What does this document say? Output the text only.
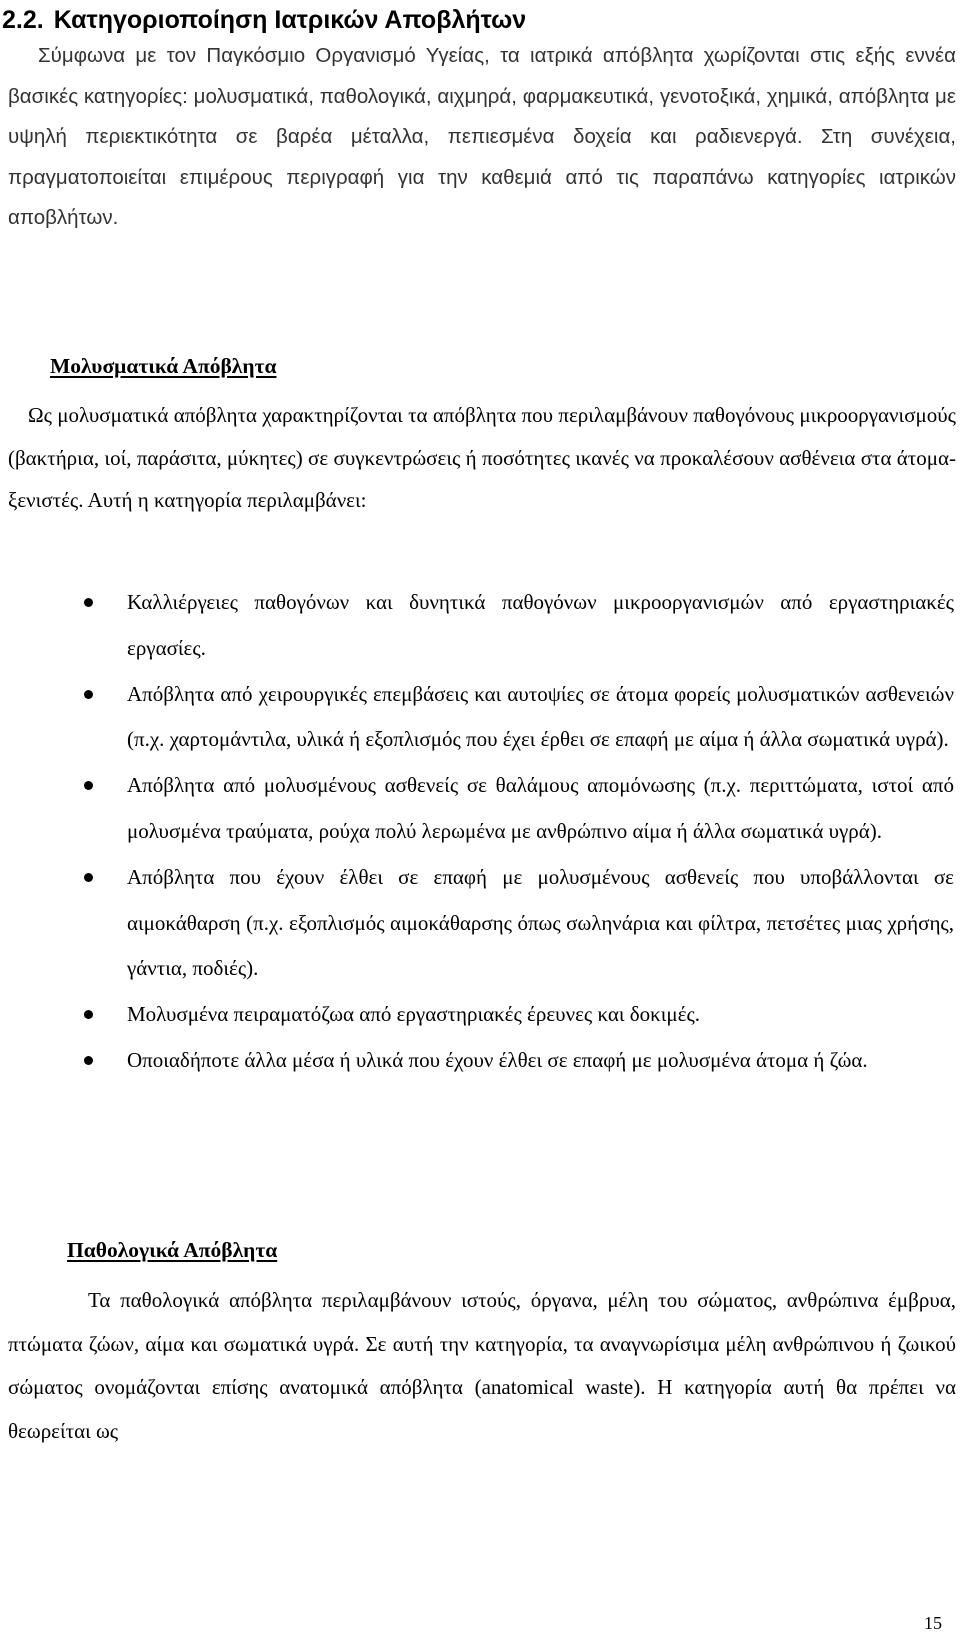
2.2. Κατηγοριοποίηση Ιατρικών Αποβλήτων

Σύμφωνα με τον Παγκόσμιο Οργανισμό Υγείας, τα ιατρικά απόβλητα χωρίζονται στις εξής εννέα βασικές κατηγορίες: μολυσματικά, παθολογικά, αιχμηρά, φαρμακευτικά, γενοτοξικά, χημικά, απόβλητα με υψηλή περιεκτικότητα σε βαρέα μέταλλα, πεπιεσμένα δοχεία και ραδιενεργά. Στη συνέχεια, πραγματοποιείται επιμέρους περιγραφή για την καθεμιά από τις παραπάνω κατηγορίες ιατρικών αποβλήτων.

Μολυσματικά Απόβλητα

Ως μολυσματικά απόβλητα χαρακτηρίζονται τα απόβλητα που περιλαμβάνουν παθογόνους μικροοργανισμούς (βακτήρια, ιοί, παράσιτα, μύκητες) σε συγκεντρώσεις ή ποσότητες ικανές να προκαλέσουν ασθένεια στα άτομα-ξενιστές. Αυτή η κατηγορία περιλαμβάνει:

Καλλιέργειες παθογόνων και δυνητικά παθογόνων μικροοργανισμών από εργαστηριακές εργασίες.
Απόβλητα από χειρουργικές επεμβάσεις και αυτοψίες σε άτομα φορείς μολυσματικών ασθενειών (π.χ. χαρτομάντιλα, υλικά ή εξοπλισμός που έχει έρθει σε επαφή με αίμα ή άλλα σωματικά υγρά).
Απόβλητα από μολυσμένους ασθενείς σε θαλάμους απομόνωσης (π.χ. περιττώματα, ιστοί από μολυσμένα τραύματα, ρούχα πολύ λερωμένα με ανθρώπινο αίμα ή άλλα σωματικά υγρά).
Απόβλητα που έχουν έλθει σε επαφή με μολυσμένους ασθενείς που υποβάλλονται σε αιμοκάθαρση (π.χ. εξοπλισμός αιμοκάθαρσης όπως σωληνάρια και φίλτρα, πετσέτες μιας χρήσης, γάντια, ποδιές).
Μολυσμένα πειραματόζωα από εργαστηριακές έρευνες και δοκιμές.
Οποιαδήποτε άλλα μέσα ή υλικά που έχουν έλθει σε επαφή με μολυσμένα άτομα ή ζώα.
Παθολογικά Απόβλητα

Τα παθολογικά απόβλητα περιλαμβάνουν ιστούς, όργανα, μέλη του σώματος, ανθρώπινα έμβρυα, πτώματα ζώων, αίμα και σωματικά υγρά. Σε αυτή την κατηγορία, τα αναγνωρίσιμα μέλη ανθρώπινου ή ζωικού σώματος ονομάζονται επίσης ανατομικά απόβλητα (anatomical waste). Η κατηγορία αυτή θα πρέπει να θεωρείται ως

15
